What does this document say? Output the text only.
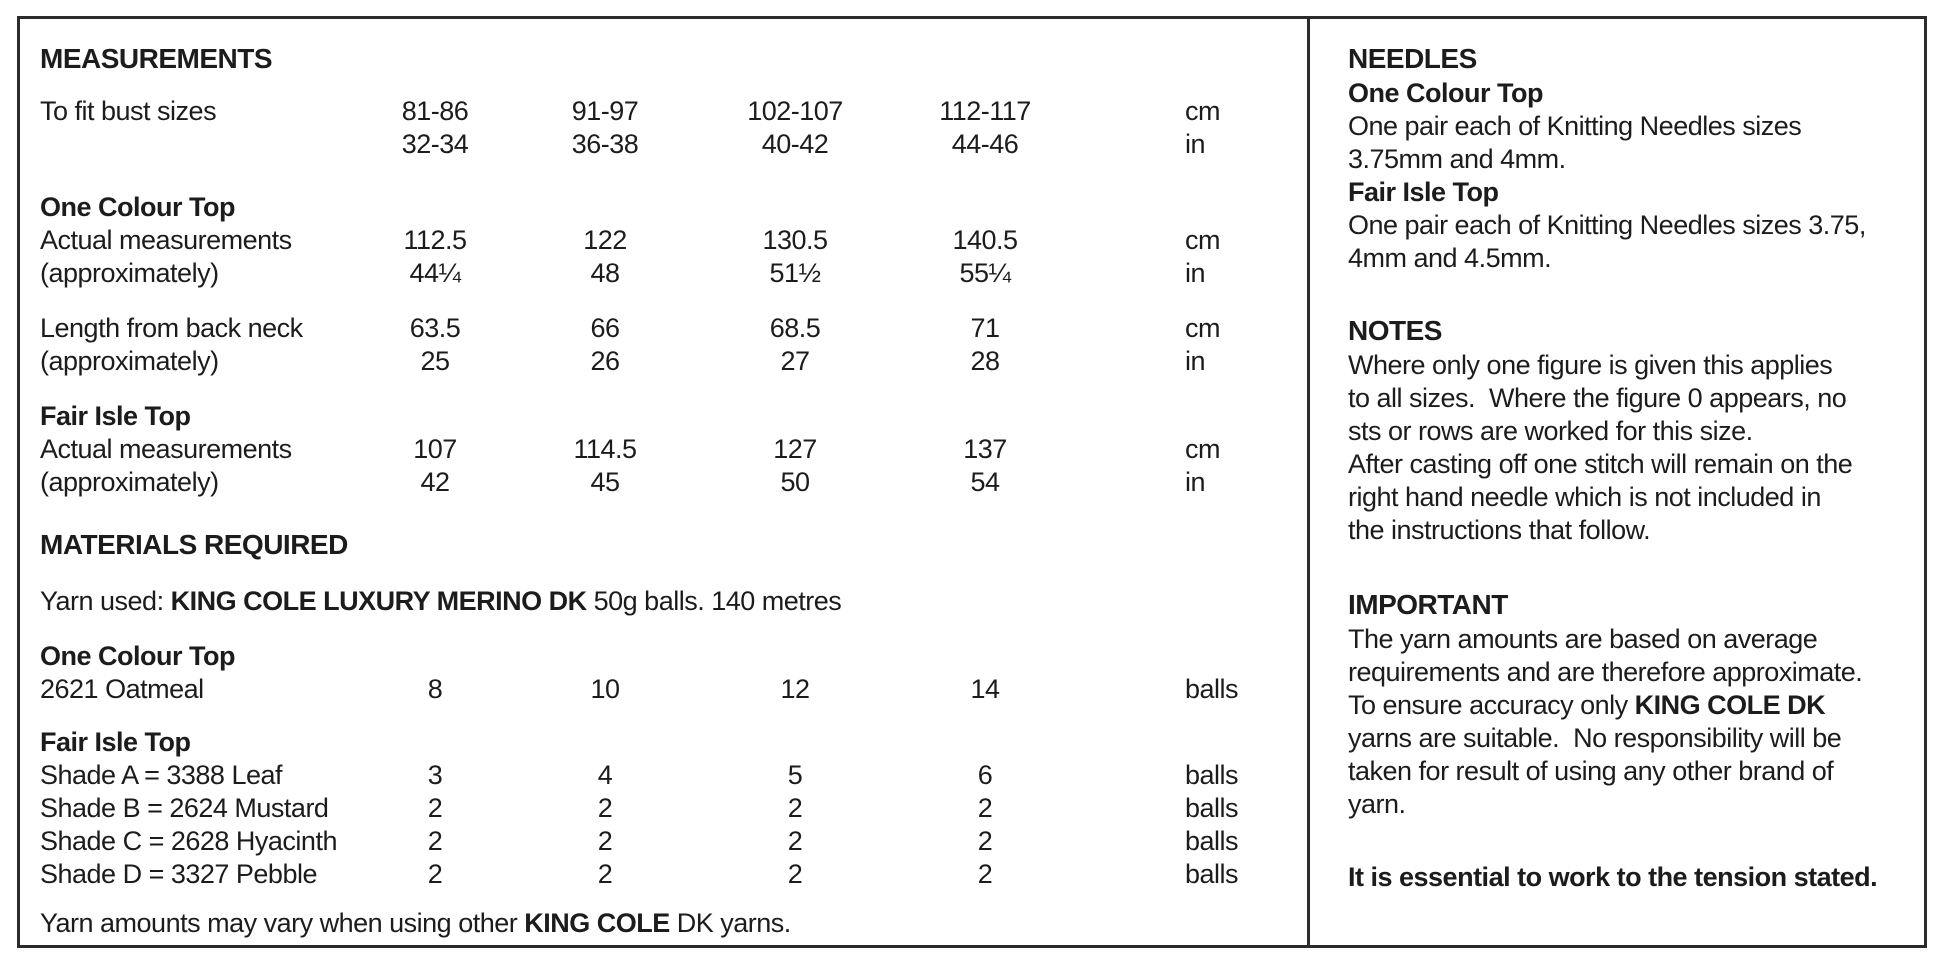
MEASUREMENTS
To fit bust sizes	81-86	91-97	102-107	112-117	cm
32-34	36-38	40-42	44-46	in
One Colour Top
Actual measurements	112.5	122	130.5	140.5	cm
(approximately)	44¼	48	51½	55¼	in
Length from back neck	63.5	66	68.5	71	cm
(approximately)	25	26	27	28	in
Fair Isle Top
Actual measurements	107	114.5	127	137	cm
(approximately)	42	45	50	54	in
MATERIALS REQUIRED
Yarn used: KING COLE LUXURY MERINO DK 50g balls. 140 metres
One Colour Top
2621 Oatmeal	8	10	12	14	balls
Fair Isle Top
Shade A = 3388 Leaf	3	4	5	6	balls
Shade B = 2624 Mustard	2	2	2	2	balls
Shade C = 2628 Hyacinth	2	2	2	2	balls
Shade D = 3327 Pebble	2	2	2	2	balls
Yarn amounts may vary when using other KING COLE DK yarns.
NEEDLES
One Colour Top
One pair each of Knitting Needles sizes
3.75mm and 4mm.
Fair Isle Top
One pair each of Knitting Needles sizes 3.75,
4mm and 4.5mm.
NOTES
Where only one figure is given this applies
to all sizes.  Where the figure 0 appears, no
sts or rows are worked for this size.
After casting off one stitch will remain on the
right hand needle which is not included in
the instructions that follow.
IMPORTANT
The yarn amounts are based on average
requirements and are therefore approximate.
To ensure accuracy only KING COLE DK
yarns are suitable.  No responsibility will be
taken for result of using any other brand of
yarn.
It is essential to work to the tension stated.
